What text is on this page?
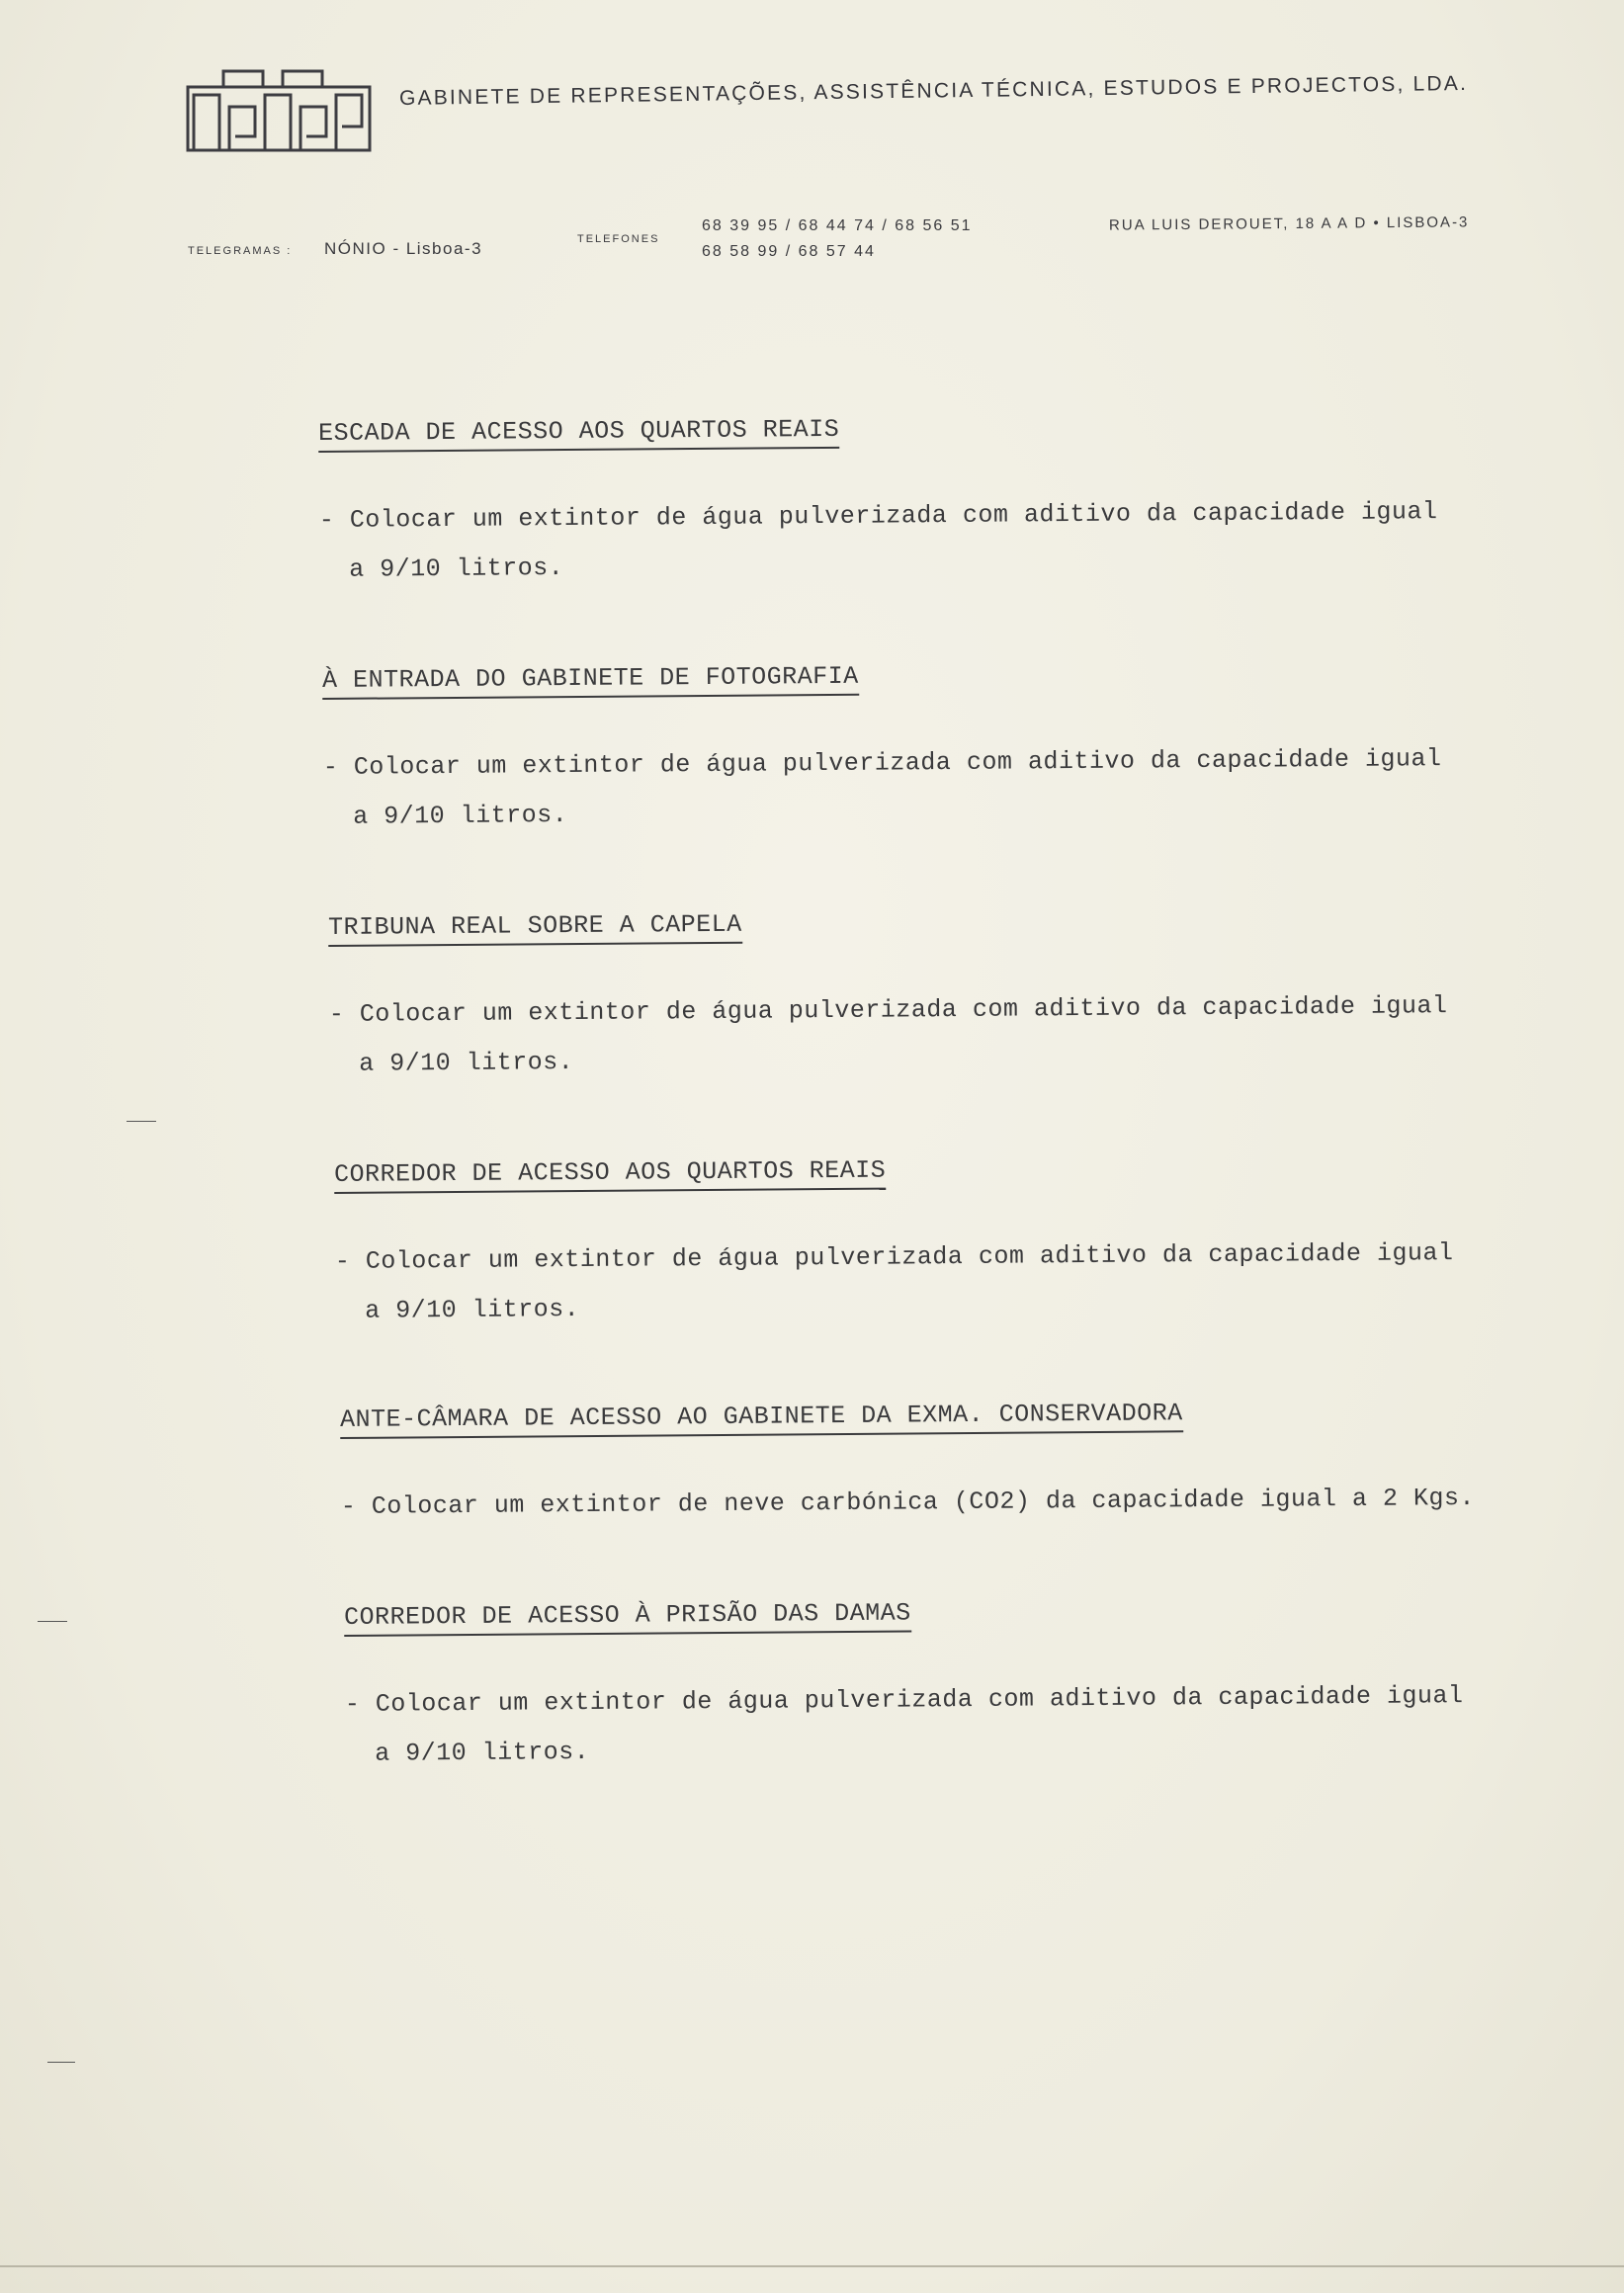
NONIO
GABINETE DE REPRESENTAÇÕES, ASSISTÊNCIA TÉCNICA, ESTUDOS E PROJECTOS, LDA.
TELEGRAMAS : NÓNIO - Lisboa-3	TELEFONES
68 39 95 / 68 44 74 / 68 56 51
68 58 99 / 68 57 44
RUA LUIS DEROUET, 18 A A D • LISBOA-3
ESCADA DE ACESSO AOS QUARTOS REAIS
- Colocar um extintor de água pulverizada com aditivo da capacidade igual
a 9/10 litros.
À ENTRADA DO GABINETE DE FOTOGRAFIA
- Colocar um extintor de água pulverizada com aditivo da capacidade igual
a 9/10 litros.
TRIBUNA REAL SOBRE A CAPELA
- Colocar um extintor de água pulverizada com aditivo da capacidade igual
a 9/10 litros.
CORREDOR DE ACESSO AOS QUARTOS REAIS
- Colocar um extintor de água pulverizada com aditivo da capacidade igual
a 9/10 litros.
ANTE-CÂMARA DE ACESSO AO GABINETE DA EXMA. CONSERVADORA
- Colocar um extintor de neve carbónica (CO2) da capacidade igual a 2 Kgs.
CORREDOR DE ACESSO À PRISÃO DAS DAMAS
- Colocar um extintor de água pulverizada com aditivo da capacidade igual
a 9/10 litros.
